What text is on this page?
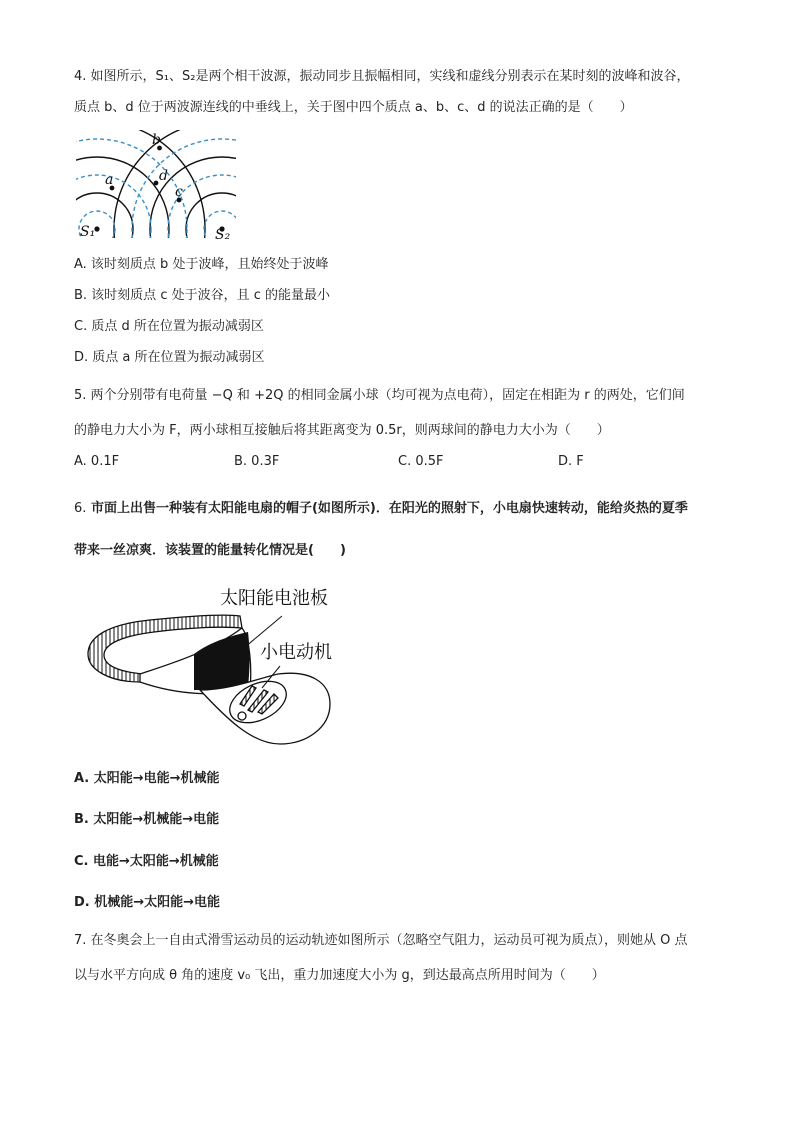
4. 如图所示，S₁、S₂是两个相干波源，振动同步且振幅相同，实线和虚线分别表示在某时刻的波峰和波谷，
质点 b、d 位于两波源连线的中垂线上，关于图中四个质点 a、b、c、d 的说法正确的是（　　）
b
a	d
c
S₁	S₂
A. 该时刻质点 b 处于波峰，且始终处于波峰
B. 该时刻质点 c 处于波谷，且 c 的能量最小
C. 质点 d 所在位置为振动减弱区
D. 质点 a 所在位置为振动减弱区
5. 两个分别带有电荷量 −Q 和 +2Q 的相同金属小球（均可视为点电荷），固定在相距为 r 的两处，它们间
的静电力大小为 F，两小球相互接触后将其距离变为 0.5r，则两球间的静电力大小为（　　）
A. 0.1F	B. 0.3F	C. 0.5F	D. F
6. 市面上出售一种装有太阳能电扇的帽子(如图所示)．在阳光的照射下，小电扇快速转动，能给炎热的夏季
带来一丝凉爽．该装置的能量转化情况是(　　)
太阳能电池板
小电动机
A. 太阳能→电能→机械能
B. 太阳能→机械能→电能
C. 电能→太阳能→机械能
D. 机械能→太阳能→电能
7. 在冬奥会上一自由式滑雪运动员的运动轨迹如图所示（忽略空气阻力，运动员可视为质点），则她从 O 点
以与水平方向成 θ 角的速度 v₀ 飞出，重力加速度大小为 g，到达最高点所用时间为（　　）
